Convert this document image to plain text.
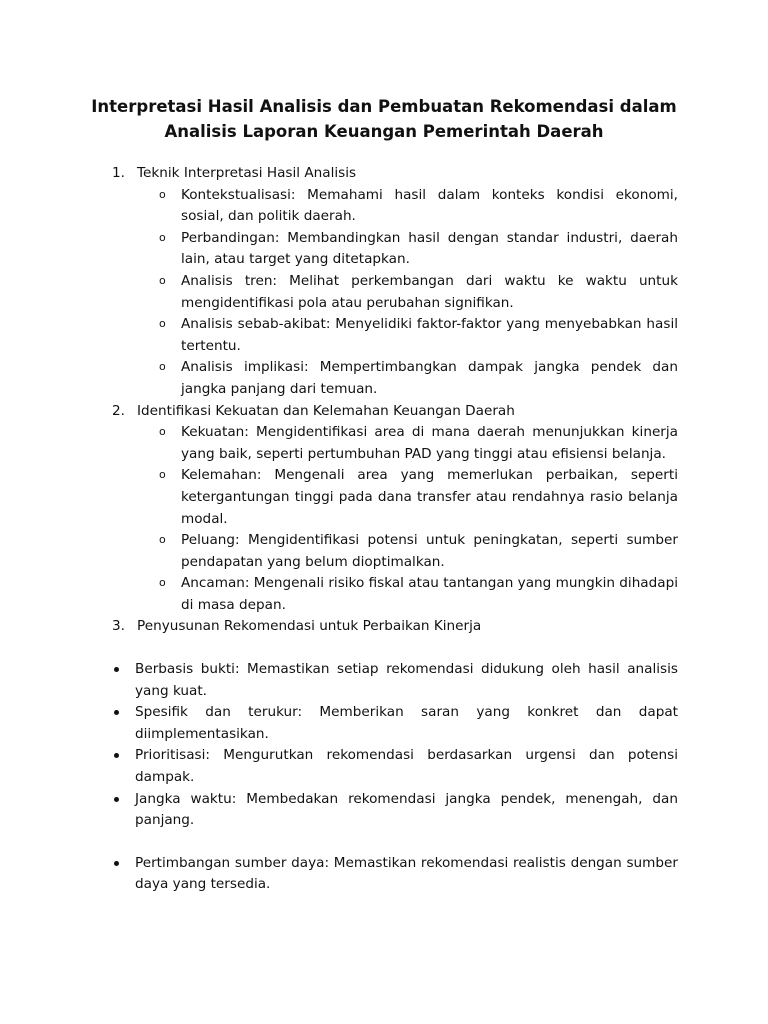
Interpretasi Hasil Analisis dan Pembuatan Rekomendasi dalam
Analisis Laporan Keuangan Pemerintah Daerah
1. Teknik Interpretasi Hasil Analisis
o Kontekstualisasi: Memahami hasil dalam konteks kondisi ekonomi, sosial, dan politik daerah.
o Perbandingan: Membandingkan hasil dengan standar industri, daerah lain, atau target yang ditetapkan.
o Analisis tren: Melihat perkembangan dari waktu ke waktu untuk mengidentifikasi pola atau perubahan signifikan.
o Analisis sebab-akibat: Menyelidiki faktor-faktor yang menyebabkan hasil tertentu.
o Analisis implikasi: Mempertimbangkan dampak jangka pendek dan jangka panjang dari temuan.
2. Identifikasi Kekuatan dan Kelemahan Keuangan Daerah
o Kekuatan: Mengidentifikasi area di mana daerah menunjukkan kinerja yang baik, seperti pertumbuhan PAD yang tinggi atau efisiensi belanja.
o Kelemahan: Mengenali area yang memerlukan perbaikan, seperti ketergantungan tinggi pada dana transfer atau rendahnya rasio belanja modal.
o Peluang: Mengidentifikasi potensi untuk peningkatan, seperti sumber pendapatan yang belum dioptimalkan.
o Ancaman: Mengenali risiko fiskal atau tantangan yang mungkin dihadapi di masa depan.
3. Penyusunan Rekomendasi untuk Perbaikan Kinerja
Berbasis bukti: Memastikan setiap rekomendasi didukung oleh hasil analisis yang kuat.
Spesifik dan terukur: Memberikan saran yang konkret dan dapat diimplementasikan.
Prioritisasi: Mengurutkan rekomendasi berdasarkan urgensi dan potensi dampak.
Jangka waktu: Membedakan rekomendasi jangka pendek, menengah, dan panjang.
Pertimbangan sumber daya: Memastikan rekomendasi realistis dengan sumber daya yang tersedia.
